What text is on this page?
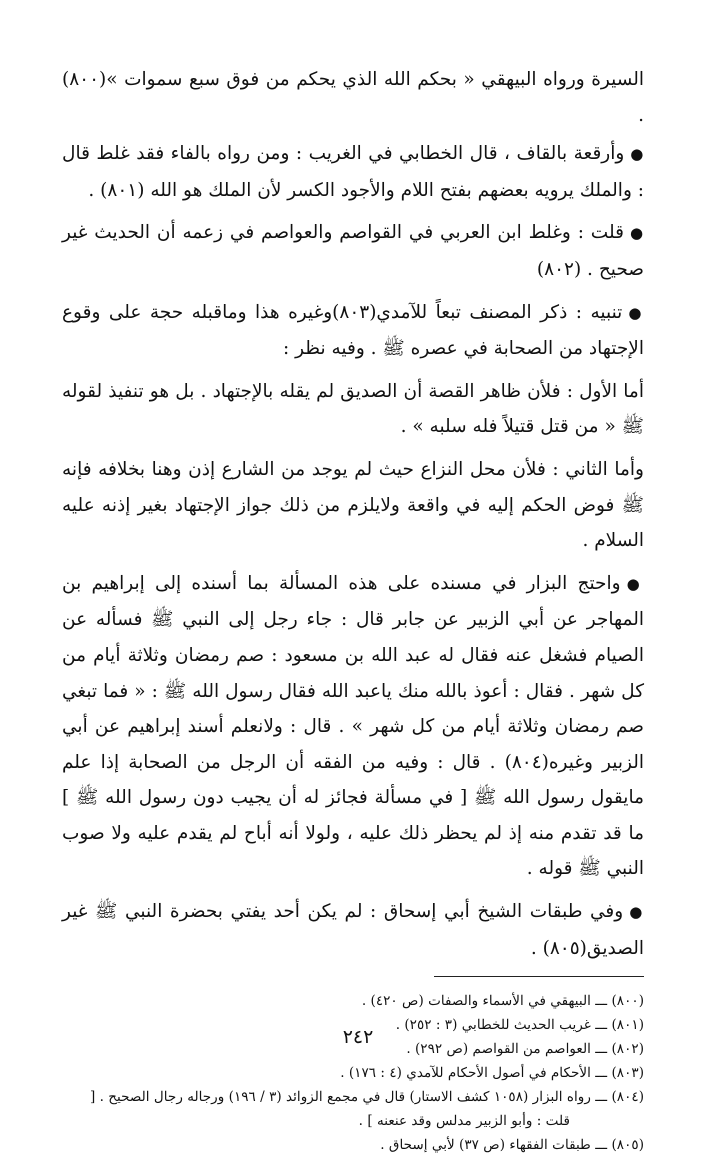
السيرة ورواه البيهقي « بحكم الله الذي يحكم من فوق سبع سموات »(٨٠٠) .

●وأرقعة بالقاف ، قال الخطابي في الغريب : ومن رواه بالفاء فقد غلط قال : والملك يرويه بعضهم بفتح اللام والأجود الكسر لأن الملك هو الله (٨٠١) .

●قلت : وغلط ابن العربي في القواصم والعواصم في زعمه أن الحديث غير صحيح . (٨٠٢)

●تنبيه : ذكر المصنف تبعاً للآمدي(٨٠٣)وغيره هذا وماقبله حجة على وقوع الإجتهاد من الصحابة في عصره ﷺ . وفيه نظر :

أما الأول : فلأن ظاهر القصة أن الصديق لم يقله بالإجتهاد . بل هو تنفيذ لقوله ﷺ « من قتل قتيلاً فله سلبه » .

وأما الثاني : فلأن محل النزاع حيث لم يوجد من الشارع إذن وهنا بخلافه فإنه ﷺ فوض الحكم إليه في واقعة ولايلزم من ذلك جواز الإجتهاد بغير إذنه عليه السلام .

●واحتج البزار في مسنده على هذه المسألة بما أسنده إلى إبراهيم بن المهاجر عن أبي الزبير عن جابر قال : جاء رجل إلى النبي ﷺ فسأله عن الصيام فشغل عنه فقال له عبد الله بن مسعود : صم رمضان وثلاثة أيام من كل شهر . فقال : أعوذ بالله منك ياعبد الله فقال رسول الله ﷺ : « فما تبغي صم رمضان وثلاثة أيام من كل شهر » . قال : ولانعلم أسند إبراهيم عن أبي الزبير وغيره(٨٠٤) . قال : وفيه من الفقه أن الرجل من الصحابة إذا علم مايقول رسول الله ﷺ [ في مسألة فجائز له أن يجيب دون رسول الله ﷺ ] ما قد تقدم منه إذ لم يحظر ذلك عليه ، ولولا أنه أباح لم يقدم عليه ولا صوب النبي ﷺ قوله .

●وفي طبقات الشيخ أبي إسحاق : لم يكن أحد يفتي بحضرة النبي ﷺ غير الصديق(٨٠٥) .

(٨٠٠) ـــ البيهقي في الأسماء والصفات (ص ٤٢٠) .

(٨٠١) ـــ غريب الحديث للخطابي (٣ : ٢٥٢) .

(٨٠٢) ـــ العواصم من القواصم (ص ٢٩٢) .

(٨٠٣) ـــ الأحكام في أصول الأحكام للآمدي (٤ : ١٧٦) .

(٨٠٤) ـــ رواه البزار (١٠٥٨ كشف الاستار) قال في مجمع الزوائد (٣ / ١٩٦) ورجاله رجال الصحيح . [ قلت : وأبو الزبير مدلس وقد عنعنه ] .

(٨٠٥) ـــ طبقات الفقهاء (ص ٣٧) لأبي إسحاق .

٢٤٢
